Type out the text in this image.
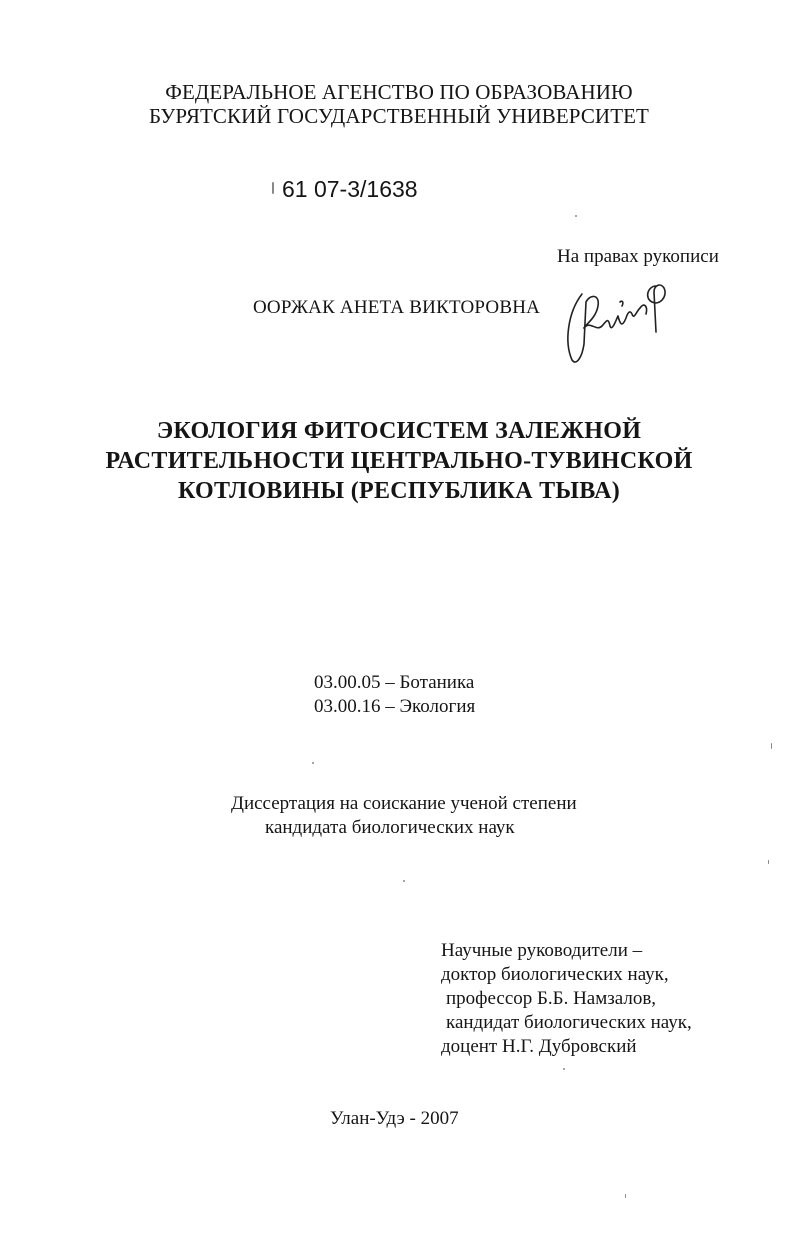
ФЕДЕРАЛЬНОЕ АГЕНСТВО ПО ОБРАЗОВАНИЮ

БУРЯТСКИЙ ГОСУДАРСТВЕННЫЙ УНИВЕРСИТЕТ

61 07-3/1638

На правах рукописи

ООРЖАК АНЕТА ВИКТОРОВНА

ЭКОЛОГИЯ ФИТОСИСТЕМ ЗАЛЕЖНОЙ

РАСТИТЕЛЬНОСТИ ЦЕНТРАЛЬНО-ТУВИНСКОЙ

КОТЛОВИНЫ (РЕСПУБЛИКА ТЫВА)

03.00.05 – Ботаника

03.00.16 – Экология

Диссертация на соискание ученой степени

кандидата биологических наук

Научные руководители –

доктор биологических наук,

профессор Б.Б. Намзалов,

кандидат биологических наук,

доцент Н.Г. Дубровский

Улан-Удэ - 2007
